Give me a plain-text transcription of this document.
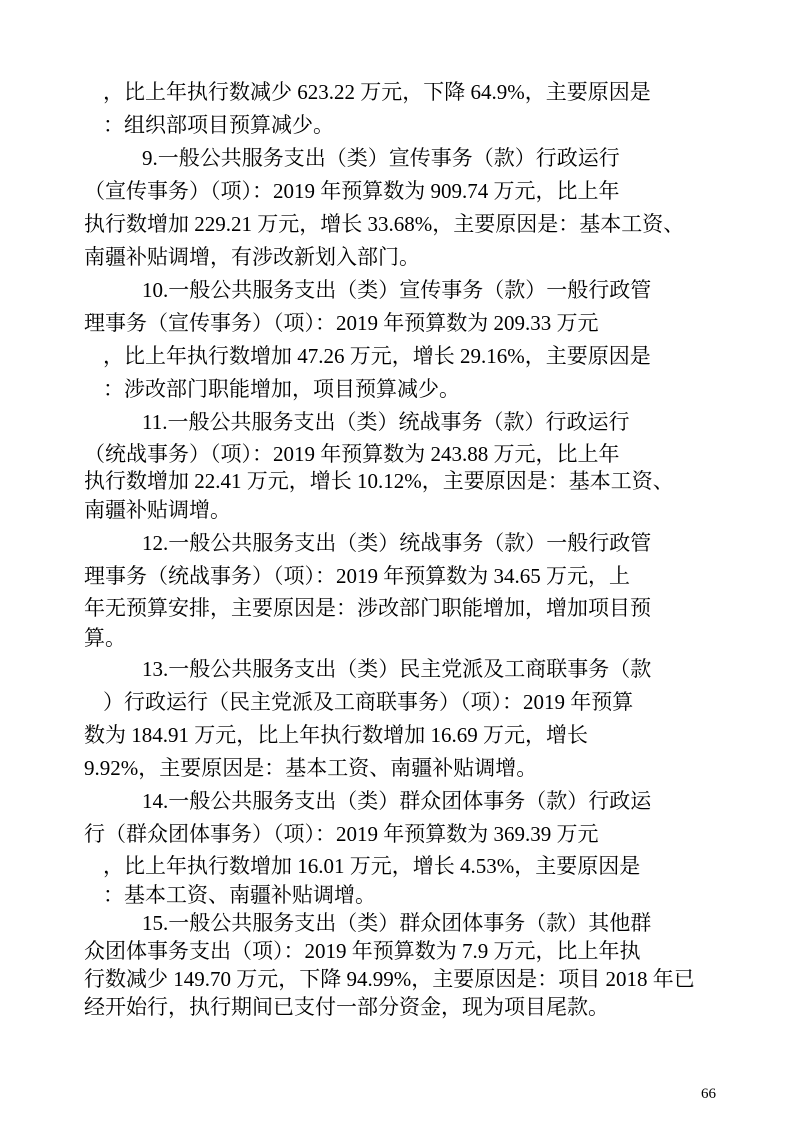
，比上年执行数减少 623.22 万元，下降 64.9%，主要原因是
：组织部项目预算减少。
9.一般公共服务支出（类）宣传事务（款）行政运行
（宣传事务）（项）：2019 年预算数为 909.74 万元，比上年
执行数增加 229.21 万元，增长 33.68%，主要原因是：基本工资、
南疆补贴调增，有涉改新划入部门。
10.一般公共服务支出（类）宣传事务（款）一般行政管
理事务（宣传事务）（项）：2019 年预算数为 209.33 万元
，比上年执行数增加 47.26 万元，增长 29.16%，主要原因是
：涉改部门职能增加，项目预算减少。
11.一般公共服务支出（类）统战事务（款）行政运行
（统战事务）（项）：2019 年预算数为 243.88 万元，比上年
执行数增加 22.41 万元，增长 10.12%，主要原因是：基本工资、
南疆补贴调增。
12.一般公共服务支出（类）统战事务（款）一般行政管
理事务（统战事务）（项）：2019 年预算数为 34.65 万元，上
年无预算安排，主要原因是：涉改部门职能增加，增加项目预
算。
13.一般公共服务支出（类）民主党派及工商联事务（款
）行政运行（民主党派及工商联事务）（项）：2019 年预算
数为 184.91 万元，比上年执行数增加 16.69 万元，增长
9.92%，主要原因是：基本工资、南疆补贴调增。
14.一般公共服务支出（类）群众团体事务（款）行政运
行（群众团体事务）（项）：2019 年预算数为 369.39 万元
，比上年执行数增加 16.01 万元，增长 4.53%，主要原因是
：基本工资、南疆补贴调增。
15.一般公共服务支出（类）群众团体事务（款）其他群
众团体事务支出（项）：2019 年预算数为 7.9 万元，比上年执
行数减少 149.70 万元，下降 94.99%，主要原因是：项目 2018 年已
经开始行，执行期间已支付一部分资金，现为项目尾款。
66
